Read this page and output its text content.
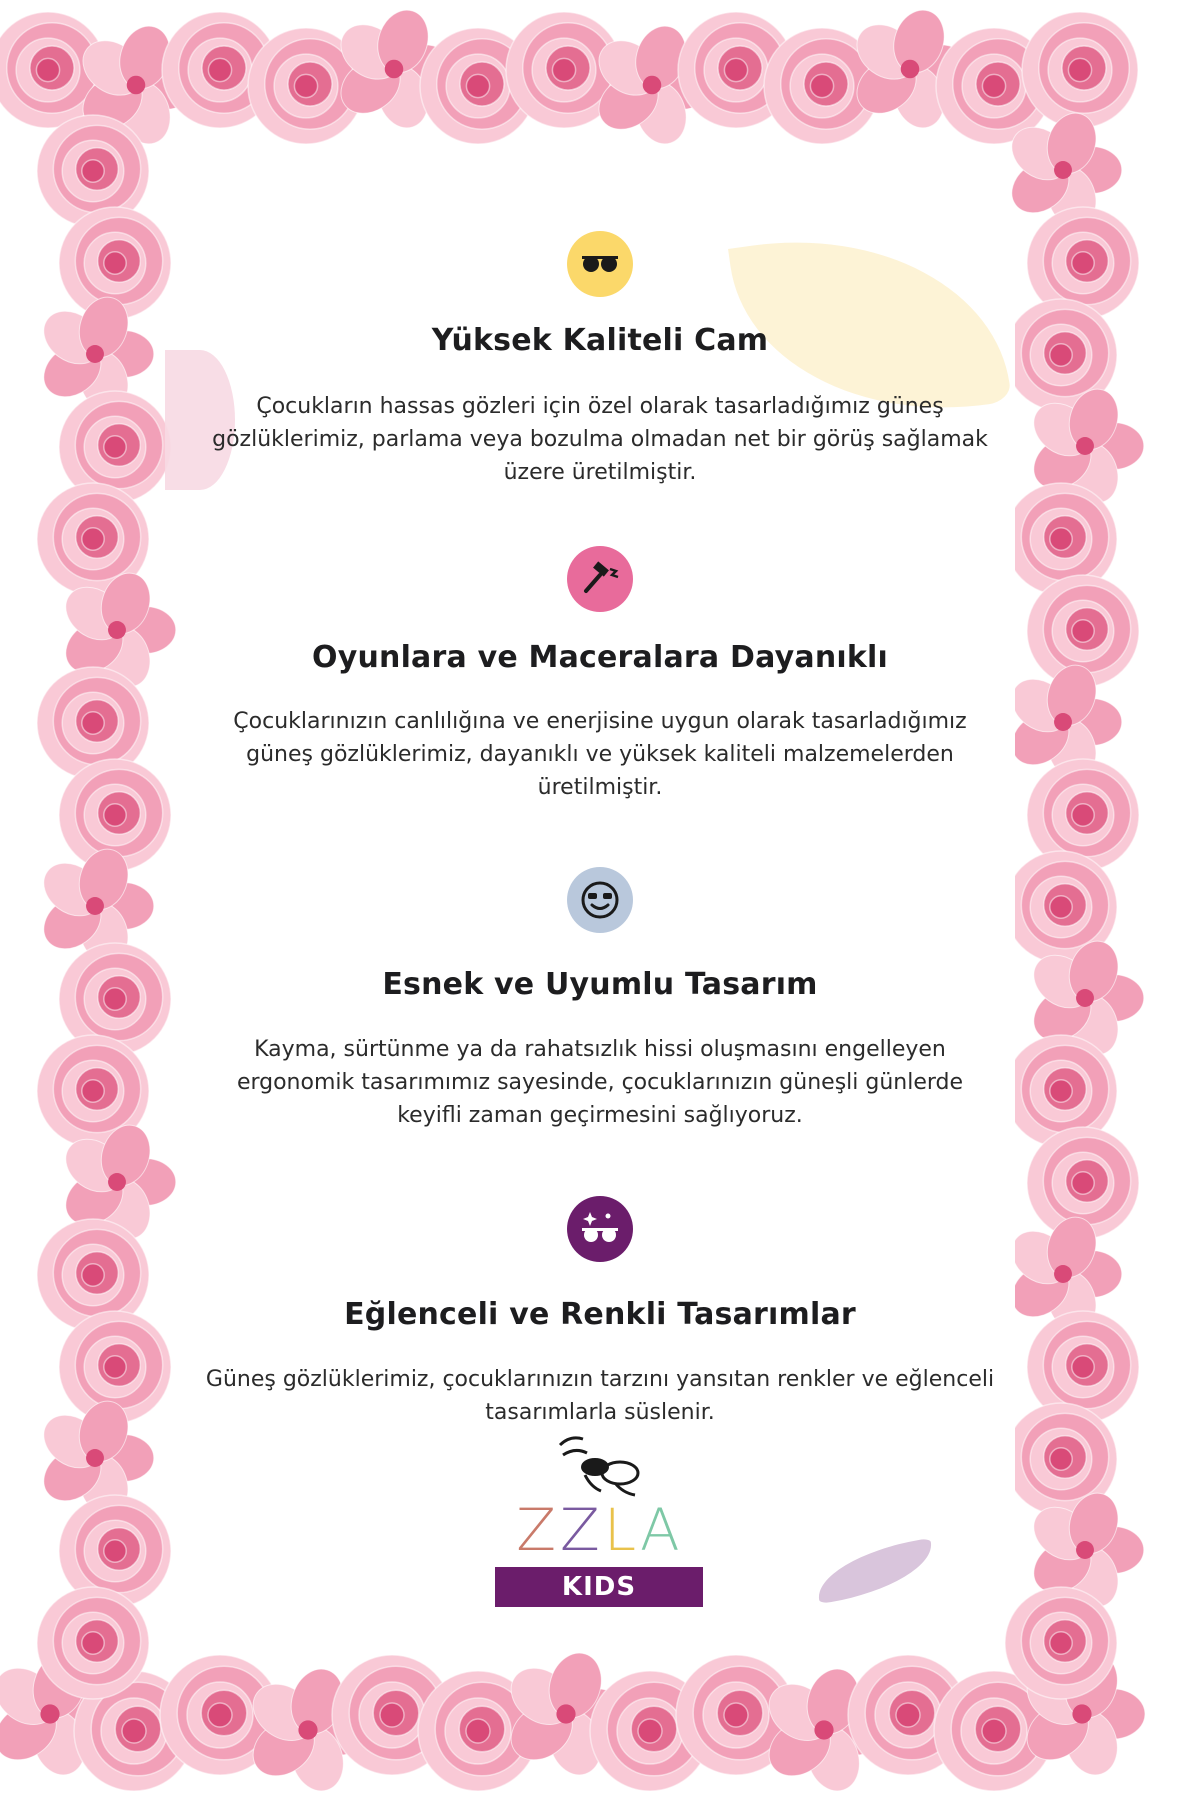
Yüksek Kaliteli Cam
Çocukların hassas gözleri için özel olarak tasarladığımız güneş gözlüklerimiz, parlama veya bozulma olmadan net bir görüş sağlamak üzere üretilmiştir.
Oyunlara ve Maceralara Dayanıklı
Çocuklarınızın canlılığına ve enerjisine uygun olarak tasarladığımız güneş gözlüklerimiz, dayanıklı ve yüksek kaliteli malzemelerden üretilmiştir.
Esnek ve Uyumlu Tasarım
Kayma, sürtünme ya da rahatsızlık hissi oluşmasını engelleyen ergonomik tasarımımız sayesinde, çocuklarınızın güneşli günlerde keyifli zaman geçirmesini sağlıyoruz.
Eğlenceli ve Renkli Tasarımlar
Güneş gözlüklerimiz, çocuklarınızın tarzını yansıtan renkler ve eğlenceli tasarımlarla süslenir.
ZZLA
KIDS
